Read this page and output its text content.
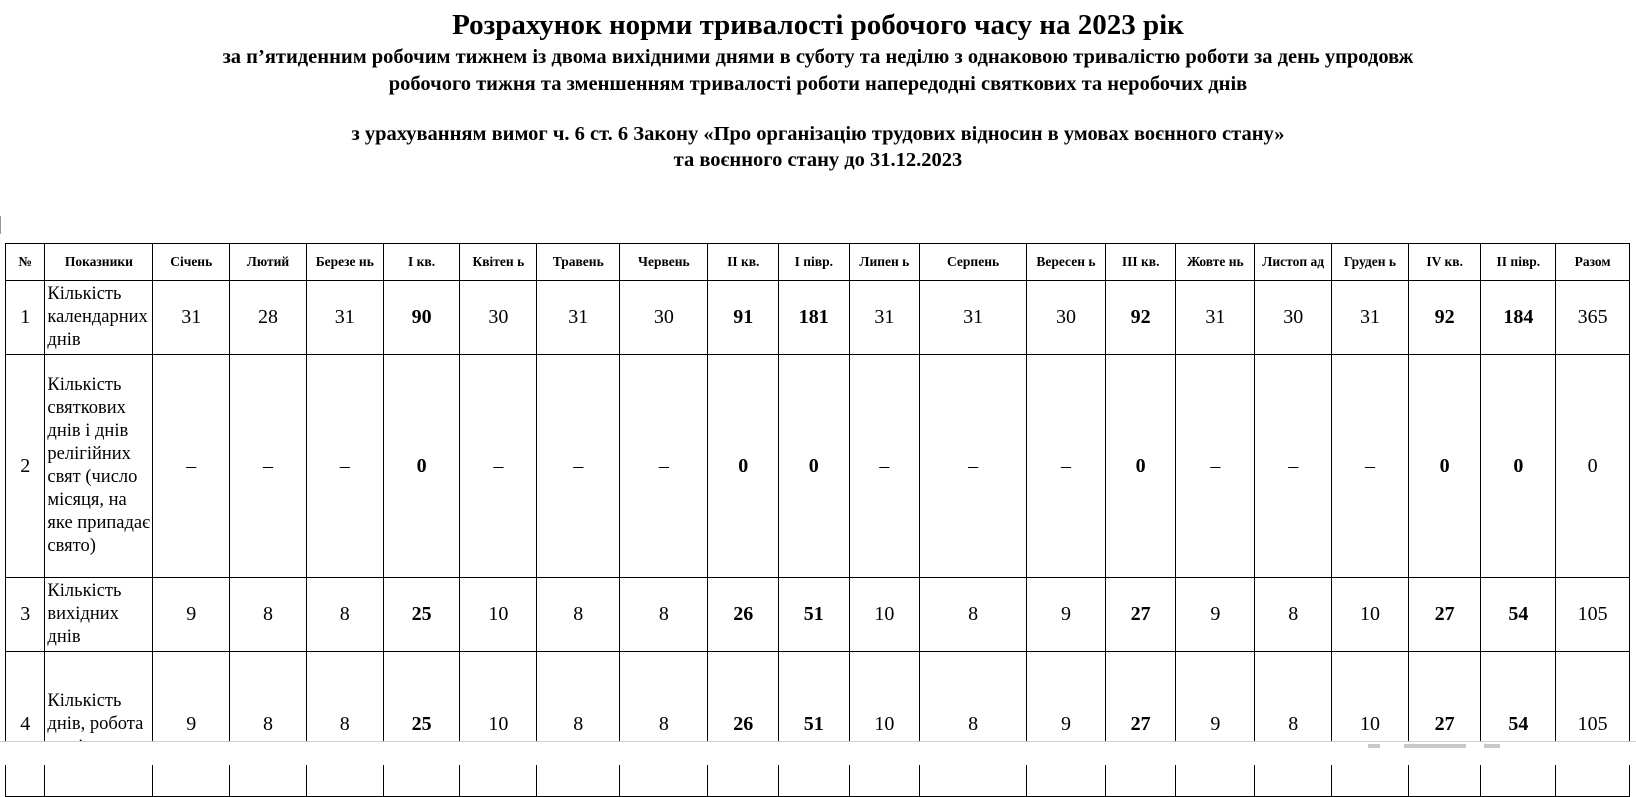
Розрахунок норми тривалості робочого часу на 2023 рік
за п’ятиденним робочим тижнем із двома вихідними днями в суботу та неділю з однаковою тривалістю роботи за день упродовж
робочого тижня та зменшенням тривалості роботи напередодні святкових та неробочих днів
з урахуванням вимог ч. 6 ст. 6 Закону «Про організацію трудових відносин в умовах воєнного стану»
та воєнного стану до 31.12.2023
№	Показники	Січень	Лютий	Березе нь	І кв.	Квітен ь	Травень	Червень	ІІ кв.	І півр.	Липен ь	Серпень	Вересен ь	ІІІ кв.	Жовте нь	Листоп ад	Груден ь	IV кв.	ІІ півр.	Разом
1	Кількість календарних днів	31	28	31	90	30	31	30	91	181	31	31	30	92	31	30	31	92	184	365
2	Кількість святкових днів і днів релігійних свят (число місяця, на яке припадає свято)	–	–	–	0	–	–	–	0	0	–	–	–	0	–	–	–	0	0	0
3	Кількість вихідних днів	9	8	8	25	10	8	8	26	51	10	8	9	27	9	8	10	27	54	105
4	Кількість днів, робота	9	8	8	25	10	8	8	26	51	10	8	9	27	9	8	10	27	54	105
